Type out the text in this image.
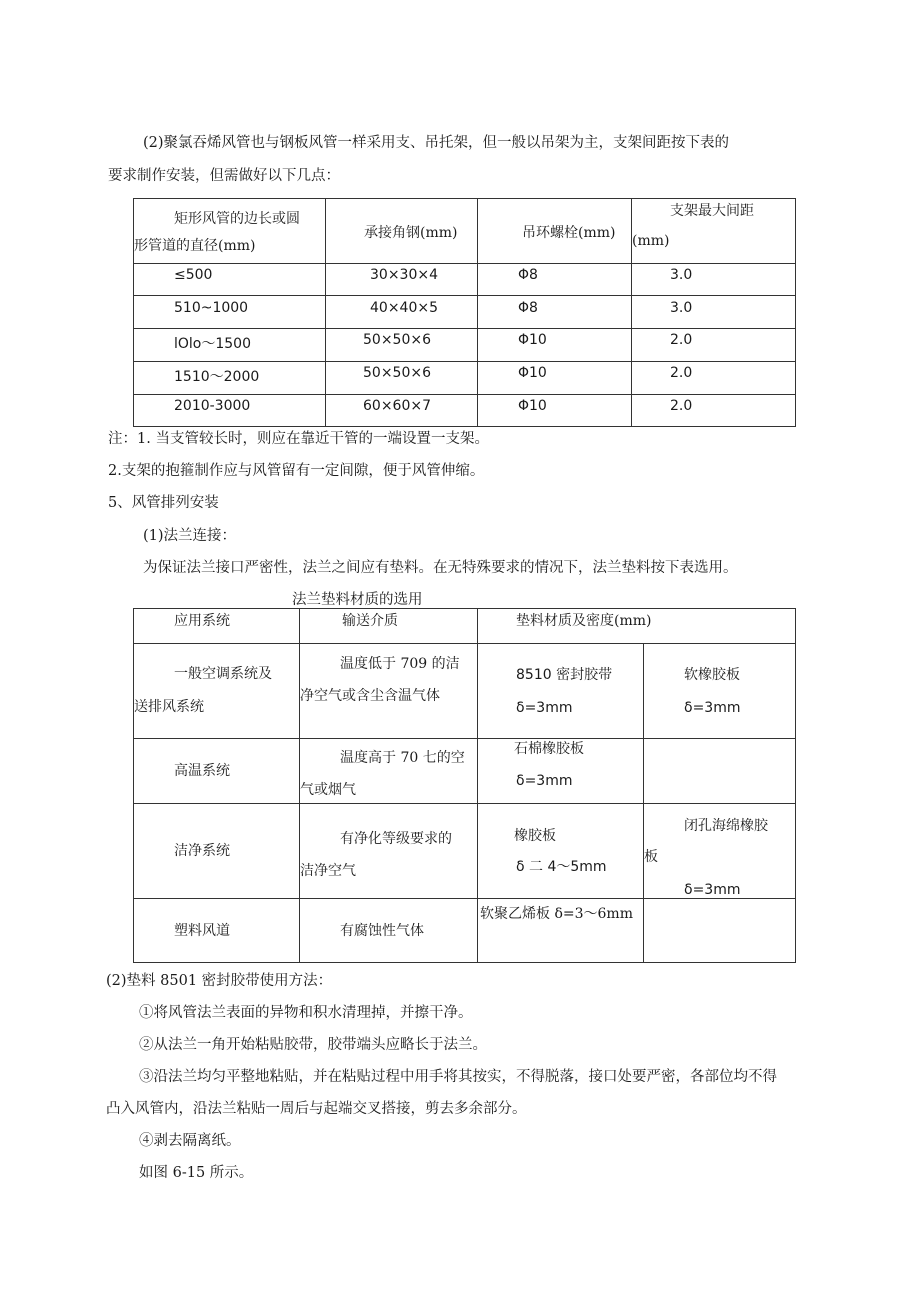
(2)聚氯吞烯风管也与钢板风管一样采用支、吊托架，但一般以吊架为主，支架间距按下表的
要求制作安装，但需做好以下几点：
矩形风管的边长或圆
形管道的直径(mm)	承接角钢(mm)	吊环螺栓(mm)	支架最大间距
(mm)

≤500	30×30×4	Φ8	3.0

510~1000	40×40×5	Φ8	3.0

lOlo～1500	50×50×6	Φ10	2.0

1510～2000	50×50×6	Φ10	2.0

2010-3000	60×60×7	Φ10	2.0
注：1. 当支管较长时，则应在靠近干管的一端设置一支架。
2.支架的抱箍制作应与风管留有一定间隙，便于风管伸缩。
5、风管排列安装
(1)法兰连接：
为保证法兰接口严密性，法兰之间应有垫料。在无特殊要求的情况下，法兰垫料按下表选用。
法兰垫料材质的选用
应用系统	输送介质	垫料材质及密度(mm)	

一般空调系统及
送排风系统	温度低于 709 的洁
净空气或含尘含温气体	8510 密封胶带
δ=3mm	软橡胶板
δ=3mm

高温系统	温度高于 70 七的空
气或烟气	石棉橡胶板
δ=3mm	

洁净系统	有净化等级要求的
洁净空气	橡胶板
δ 二 4～5mm	闭孔海绵橡胶
板
δ=3mm

塑料风道	有腐蚀性气体	软聚乙烯板 δ=3～6mm	

(2)垫料 8501 密封胶带使用方法：
①将风管法兰表面的异物和积水清理掉，并擦干净。
②从法兰一角开始粘贴胶带，胶带端头应略长于法兰。
③沿法兰均匀平整地粘贴，并在粘贴过程中用手将其按实，不得脱落，接口处要严密，各部位均不得
凸入风管内，沿法兰粘贴一周后与起端交叉搭接，剪去多余部分。
④剥去隔离纸。
如图 6-15 所示。
